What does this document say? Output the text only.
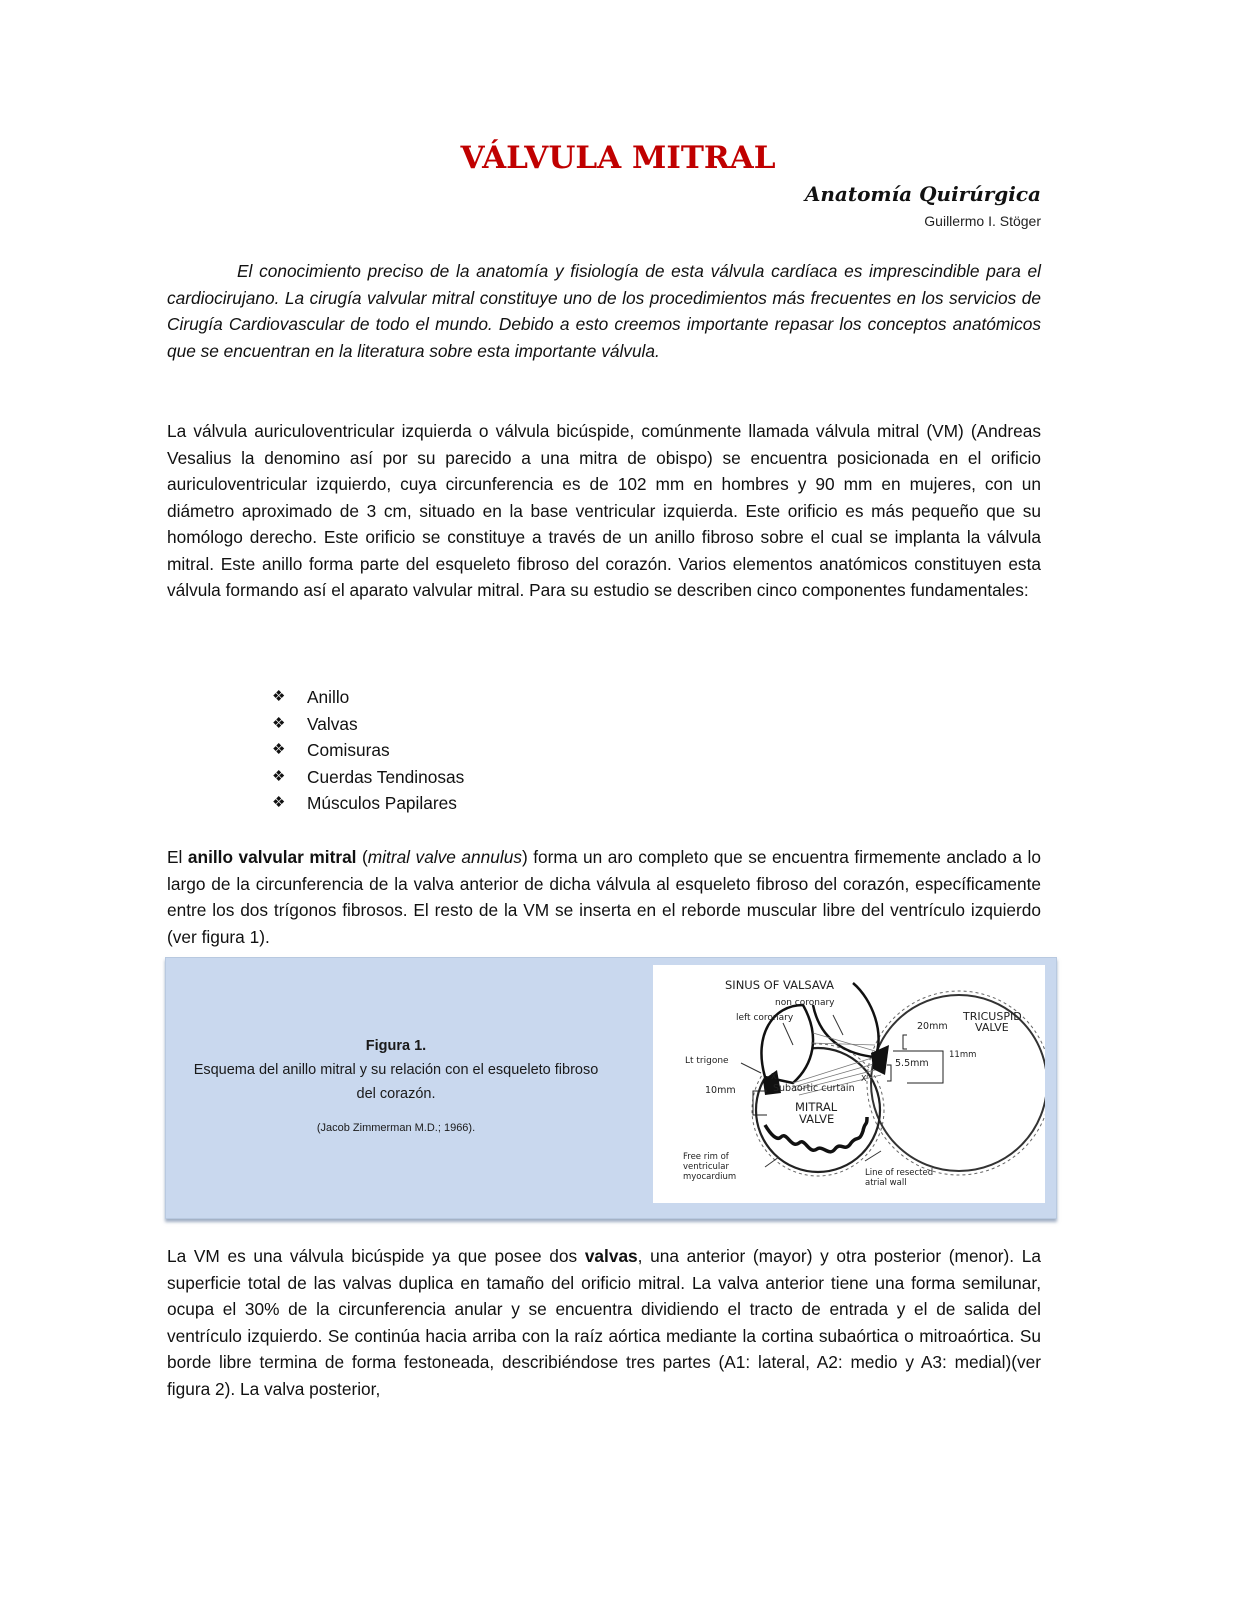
VÁLVULA MITRAL
Anatomía Quirúrgica
Guillermo I. Stöger
El conocimiento preciso de la anatomía y fisiología de esta válvula cardíaca es imprescindible para el cardiocirujano. La cirugía valvular mitral constituye uno de los procedimientos más frecuentes en los servicios de Cirugía Cardiovascular de todo el mundo. Debido a esto creemos importante repasar los conceptos anatómicos que se encuentran en la literatura sobre esta importante válvula.
La válvula auriculoventricular izquierda o válvula bicúspide, comúnmente llamada válvula mitral (VM) (Andreas Vesalius la denomino así por su parecido a una mitra de obispo) se encuentra posicionada en el orificio auriculoventricular izquierdo, cuya circunferencia es de 102 mm en hombres y 90 mm en mujeres, con un diámetro aproximado de 3 cm, situado en la base ventricular izquierda. Este orificio es más pequeño que su homólogo derecho. Este orificio se constituye a través de un anillo fibroso sobre el cual se implanta la válvula mitral. Este anillo forma parte del esqueleto fibroso del corazón. Varios elementos anatómicos constituyen esta válvula formando así el aparato valvular mitral. Para su estudio se describen cinco componentes fundamentales:
❖	Anillo
❖	Valvas
❖	Comisuras
❖	Cuerdas Tendinosas
❖	Músculos Papilares
El anillo valvular mitral (mitral valve annulus) forma un aro completo que se encuentra firmemente anclado a lo largo de la circunferencia de la valva anterior de dicha válvula al esqueleto fibroso del corazón, específicamente entre los dos trígonos fibrosos. El resto de la VM se inserta en el reborde muscular libre del ventrículo izquierdo (ver figura 1).
Figura 1.
Esquema del anillo mitral y su relación con el esqueleto fibroso del corazón.
(Jacob Zimmerman M.D.; 1966).
SINUS OF VALSAVA
non coronary
left coronary
Lt trigone
TRICUSPID
VALVE
20mm
11mm
5.5mm
10mm	Subaortic curtain
X	X
MITRAL
VALVE
Free rim of
ventricular
myocardium	Line of resected
atrial wall
La VM es una válvula bicúspide ya que posee dos valvas, una anterior (mayor) y otra posterior (menor). La superficie total de las valvas duplica en tamaño del orificio mitral. La valva anterior tiene una forma semilunar, ocupa el 30% de la circunferencia anular y se encuentra dividiendo el tracto de entrada y el de salida del ventrículo izquierdo. Se continúa hacia arriba con la raíz aórtica mediante la cortina subaórtica o mitroaórtica. Su borde libre termina de forma festoneada, describiéndose tres partes (A1: lateral, A2: medio y A3: medial)(ver figura 2). La valva posterior,
